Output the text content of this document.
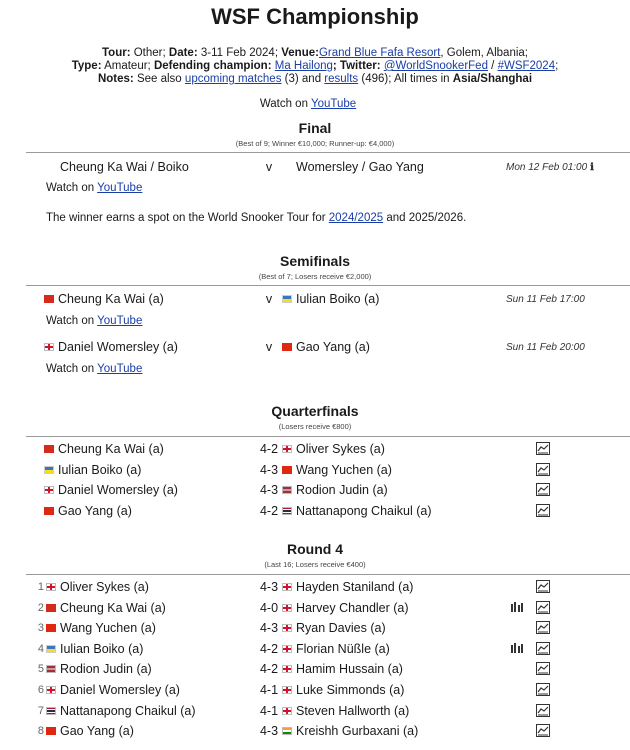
WSF Championship
Tour: Other; Date: 3-11 Feb 2024; Venue:Grand Blue Fafa Resort, Golem, Albania;
Type: Amateur; Defending champion: Ma Hailong; Twitter: @WorldSnookerFed / #WSF2024;
Notes: See also upcoming matches (3) and results (496); All times in Asia/Shanghai
Watch on YouTube
Final
(Best of 9; Winner €10,000; Runner-up: €4,000)
Cheung Ka Wai / Boiko	v	Womersley / Gao Yang	Mon 12 Feb 01:00 ℹ
Watch on YouTube
The winner earns a spot on the World Snooker Tour for 2024/2025 and 2025/2026.
Semifinals
(Best of 7; Losers receive €2,000)
Cheung Ka Wai (a)	v	Iulian Boiko (a)	Sun 11 Feb 17:00
Watch on YouTube
Daniel Womersley (a)	v	Gao Yang (a)	Sun 11 Feb 20:00
Watch on YouTube
Quarterfinals
(Losers receive €800)
Cheung Ka Wai (a)	4-2	Oliver Sykes (a)
Iulian Boiko (a)	4-3	Wang Yuchen (a)
Daniel Womersley (a)	4-3	Rodion Judin (a)
Gao Yang (a)	4-2	Nattanapong Chaikul (a)
Round 4
(Last 16; Losers receive €400)
1	Oliver Sykes (a)	4-3	Hayden Staniland (a)
2	Cheung Ka Wai (a)	4-0	Harvey Chandler (a)
3	Wang Yuchen (a)	4-3	Ryan Davies (a)
4	Iulian Boiko (a)	4-2	Florian Nüßle (a)
5	Rodion Judin (a)	4-2	Hamim Hussain (a)
6	Daniel Womersley (a)	4-1	Luke Simmonds (a)
7	Nattanapong Chaikul (a)	4-1	Steven Hallworth (a)
8	Gao Yang (a)	4-3	Kreishh Gurbaxani (a)
